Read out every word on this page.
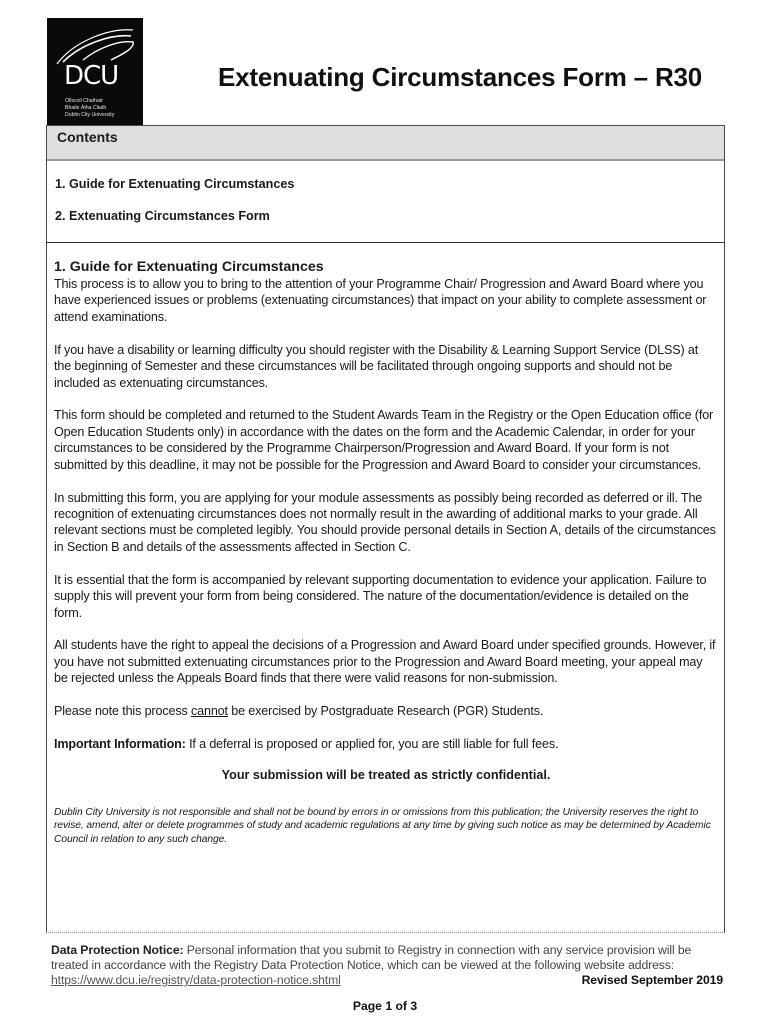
DCU
Ollscoil Chathair
Bhaile Átha Cliath
Dublin City University
Extenuating Circumstances Form – R30
Contents
1. Guide for Extenuating Circumstances
2. Extenuating Circumstances Form
1. Guide for Extenuating Circumstances

This process is to allow you to bring to the attention of your Programme Chair/ Progression and Award Board where you have experienced issues or problems (extenuating circumstances) that impact on your ability to complete assessment or attend examinations.

If you have a disability or learning difficulty you should register with the Disability & Learning Support Service (DLSS) at the beginning of Semester and these circumstances will be facilitated through ongoing supports and should not be included as extenuating circumstances.

This form should be completed and returned to the Student Awards Team in the Registry or the Open Education office (for Open Education Students only) in accordance with the dates on the form and the Academic Calendar, in order for your circumstances to be considered by the Programme Chairperson/Progression and Award Board. If your form is not submitted by this deadline, it may not be possible for the Progression and Award Board to consider your circumstances.

In submitting this form, you are applying for your module assessments as possibly being recorded as deferred or ill. The recognition of extenuating circumstances does not normally result in the awarding of additional marks to your grade. All relevant sections must be completed legibly. You should provide personal details in Section A, details of the circumstances in Section B and details of the assessments affected in Section C.

It is essential that the form is accompanied by relevant supporting documentation to evidence your application. Failure to supply this will prevent your form from being considered. The nature of the documentation/evidence is detailed on the form.

All students have the right to appeal the decisions of a Progression and Award Board under specified grounds. However, if you have not submitted extenuating circumstances prior to the Progression and Award Board meeting, your appeal may be rejected unless the Appeals Board finds that there were valid reasons for non-submission.

Please note this process cannot be exercised by Postgraduate Research (PGR) Students.

Important Information: If a deferral is proposed or applied for, you are still liable for full fees.

Your submission will be treated as strictly confidential.

Dublin City University is not responsible and shall not be bound by errors in or omissions from this publication; the University reserves the right to revise, amend, alter or delete programmes of study and academic regulations at any time by giving such notice as may be determined by Academic Council in relation to any such change.

Data Protection Notice: Personal information that you submit to Registry in connection with any service provision will be treated in accordance with the Registry Data Protection Notice, which can be viewed at the following website address: https://www.dcu.ie/registry/data-protection-notice.shtml	Revised September 2019
Page 1 of 3
